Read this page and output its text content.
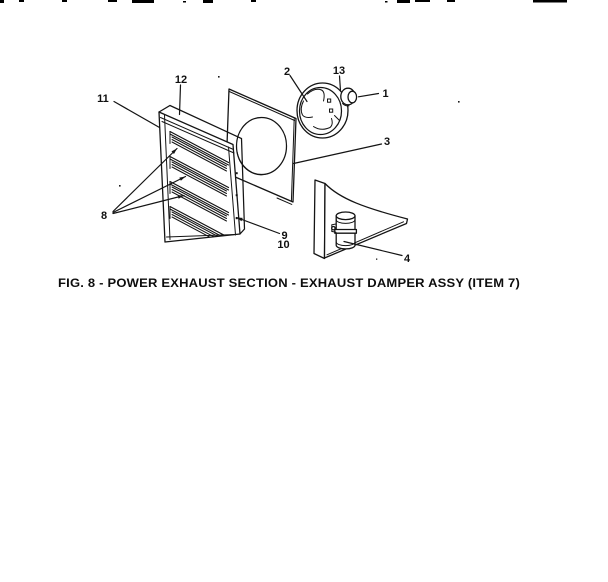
11
12
2	13
1
3
8
9
10
4
FIG. 8 - POWER EXHAUST SECTION - EXHAUST DAMPER ASSY (ITEM 7)
